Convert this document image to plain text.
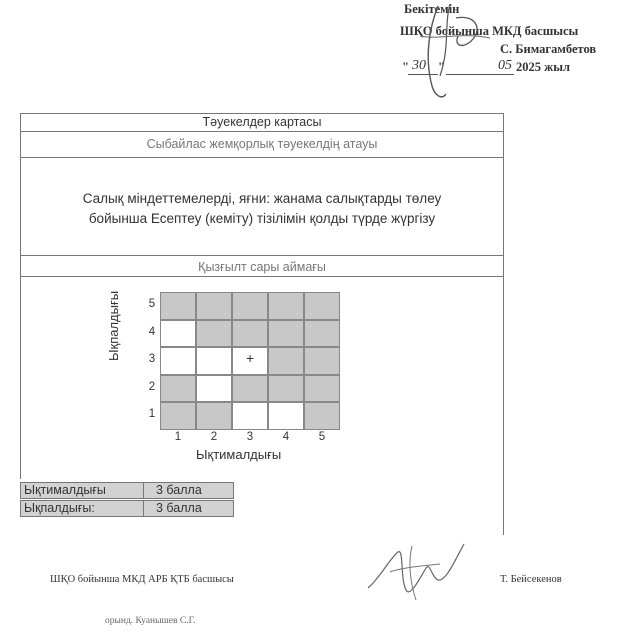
Бекітемін
ШҚО бойынша МКД басшысы
С. Бимагамбетов
" 30 "	05 2025 жыл
Тәуекелдер картасы
Сыбайлас жемқорлық тәуекелдің атауы
Салық міндеттемелерді, яғни: жанама салықтарды төлеу
бойынша Есептеу (кеміту) тізілімін қолды түрде жүргізу
Қызғылт сары аймағы
Ықпалдығы
Ықтималдығы
Ықтималдығы	3 балла
Ықпалдығы:	3 балла
5
4
3
2
1
1	2	3	4	5
+
ШҚО бойынша МКД АРБ ҚТБ басшысы	Т. Бейсекенов
орынд. Куанышев С.Г.
